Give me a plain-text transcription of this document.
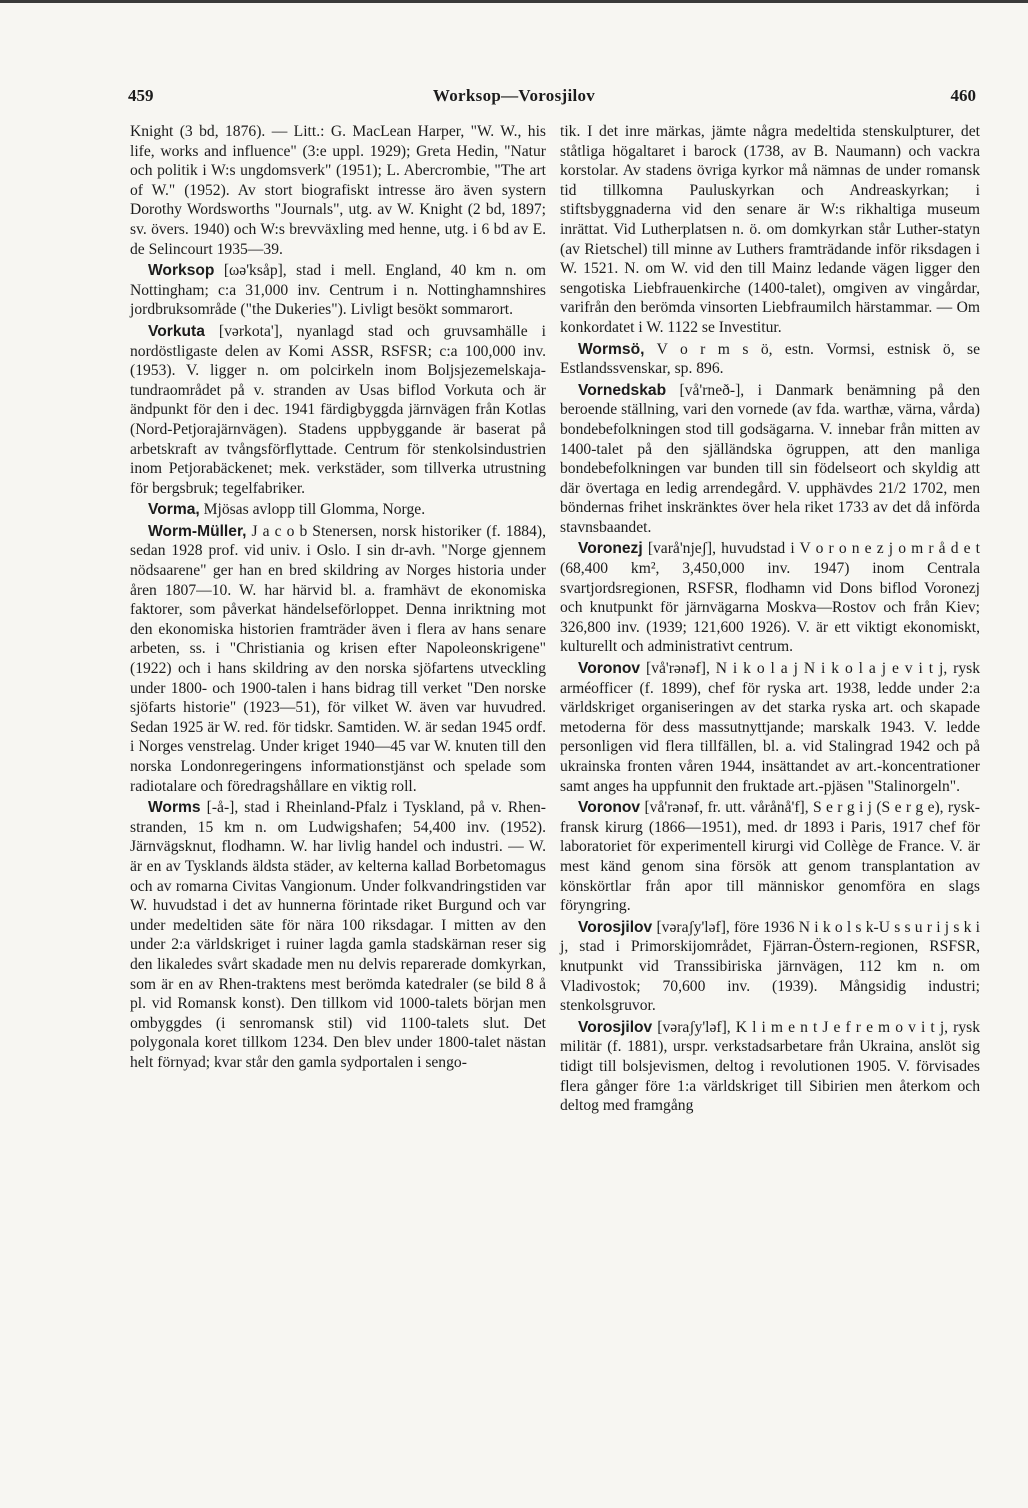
459	Worksop—Vorosjilov	460
Knight (3 bd, 1876). — Litt.: G. MacLean Harper, "W. W., his life, works and influence" (3:e uppl. 1929); Greta Hedin, "Natur och politik i W:s ungdomsverk" (1951); L. Abercrombie, "The art of W." (1952). Av stort biografiskt intresse äro även systern Dorothy Wordsworths "Journals", utg. av W. Knight (2 bd, 1897; sv. övers. 1940) och W:s brevväxling med henne, utg. i 6 bd av E. de Selincourt 1935—39.
Worksop [ωə'ksåp], stad i mell. England, 40 km n. om Nottingham; c:a 31,000 inv. Centrum i n. Nottinghamnshires jordbruksområde ("the Dukeries"). Livligt besökt sommarort.
Vorkuta [vərkota'], nyanlagd stad och gruvsamhälle i nordöstligaste delen av Komi ASSR, RSFSR; c:a 100,000 inv. (1953). V. ligger n. om polcirkeln inom Boljsjezemelskaja-tundraområdet på v. stranden av Usas biflod Vorkuta och är ändpunkt för den i dec. 1941 färdigbyggda järnvägen från Kotlas (Nord-Petjorajärnvägen). Stadens uppbyggande är baserat på arbetskraft av tvångsförflyttade. Centrum för stenkolsindustrien inom Petjorabäckenet; mek. verkstäder, som tillverka utrustning för bergsbruk; tegelfabriker.
Vorma, Mjösas avlopp till Glomma, Norge.
Worm-Müller, J a c o b Stenersen, norsk historiker (f. 1884), sedan 1928 prof. vid univ. i Oslo. I sin dr-avh. "Norge gjennem nödsaarene" ger han en bred skildring av Norges historia under åren 1807—10. W. har härvid bl. a. framhävt de ekonomiska faktorer, som påverkat händelseförloppet. Denna inriktning mot den ekonomiska historien framträder även i flera av hans senare arbeten, ss. i "Christiania og krisen efter Napoleonskrigene" (1922) och i hans skildring av den norska sjöfartens utveckling under 1800- och 1900-talen i hans bidrag till verket "Den norske sjöfarts historie" (1923—51), för vilket W. även var huvudred. Sedan 1925 är W. red. för tidskr. Samtiden. W. är sedan 1945 ordf. i Norges venstrelag. Under kriget 1940—45 var W. knuten till den norska Londonregeringens informationstjänst och spelade som radiotalare och föredragshållare en viktig roll.
Worms [-å-], stad i Rheinland-Pfalz i Tyskland, på v. Rhen-stranden, 15 km n. om Ludwigshafen; 54,400 inv. (1952). Järnvägsknut, flodhamn. W. har livlig handel och industri. — W. är en av Tysklands äldsta städer, av kelterna kallad Borbetomagus och av romarna Civitas Vangionum. Under folkvandringstiden var W. huvudstad i det av hunnerna förintade riket Burgund och var under medeltiden säte för nära 100 riksdagar. I mitten av den under 2:a världskriget i ruiner lagda gamla stadskärnan reser sig den likaledes svårt skadade men nu delvis reparerade domkyrkan, som är en av Rhen-traktens mest berömda katedraler (se bild 8 å pl. vid Romansk konst). Den tillkom vid 1000-talets början men ombyggdes (i senromansk stil) vid 1100-talets slut. Det polygonala koret tillkom 1234. Den blev under 1800-talet nästan helt förnyad; kvar står den gamla sydportalen i sengo-
tik. I det inre märkas, jämte några medeltida stenskulpturer, det ståtliga högaltaret i barock (1738, av B. Naumann) och vackra korstolar. Av stadens övriga kyrkor må nämnas de under romansk tid tillkomna Pauluskyrkan och Andreaskyrkan; i stiftsbyggnaderna vid den senare är W:s rikhaltiga museum inrättat. Vid Lutherplatsen n. ö. om domkyrkan står Luther-statyn (av Rietschel) till minne av Luthers framträdande inför riksdagen i W. 1521. N. om W. vid den till Mainz ledande vägen ligger den sengotiska Liebfrauenkirche (1400-talet), omgiven av vingårdar, varifrån den berömda vinsorten Liebfraumilch härstammar. — Om konkordatet i W. 1122 se Investitur.
Wormsö, V o r m s ö, estn. Vormsi, estnisk ö, se Estlandssvenskar, sp. 896.
Vornedskab [vå'rneð-], i Danmark benämning på den beroende ställning, vari den vornede (av fda. warthæ, värna, vårda) bondebefolkningen stod till godsägarna. V. innebar från mitten av 1400-talet på den själländska ögruppen, att den manliga bondebefolkningen var bunden till sin födelseort och skyldig att där övertaga en ledig arrendegård. V. upphävdes 21/2 1702, men böndernas frihet inskränktes över hela riket 1733 av det då införda stavnsbaandet.
Voronezj [varå'njeʃ], huvudstad i V o r o n e z j o m r å d e t (68,400 km², 3,450,000 inv. 1947) inom Centrala svartjordsregionen, RSFSR, flodhamn vid Dons biflod Voronezj och knutpunkt för järnvägarna Moskva—Rostov och från Kiev; 326,800 inv. (1939; 121,600 1926). V. är ett viktigt ekonomiskt, kulturellt och administrativt centrum.
Voronov [vå'rənəf], N i k o l a j N i k o l a j e v i t j, rysk arméofficer (f. 1899), chef för ryska art. 1938, ledde under 2:a världskriget organiseringen av det starka ryska art. och skapade metoderna för dess massutnyttjande; marskalk 1943. V. ledde personligen vid flera tillfällen, bl. a. vid Stalingrad 1942 och på ukrainska fronten våren 1944, insättandet av art.-koncentrationer samt anges ha uppfunnit den fruktade art.-pjäsen "Stalinorgeln".
Voronov [vå'rənəf, fr. utt. vårånå'f], S e r g i j (S e r g e), rysk-fransk kirurg (1866—1951), med. dr 1893 i Paris, 1917 chef för laboratoriet för experimentell kirurgi vid Collège de France. V. är mest känd genom sina försök att genom transplantation av könskörtlar från apor till människor genomföra en slags föryngring.
Vorosjilov [vəraʃy'ləf], före 1936 N i k o l s k-U s s u r i j s k i j, stad i Primorskijområdet, Fjärran-Östern-regionen, RSFSR, knutpunkt vid Transsibiriska järnvägen, 112 km n. om Vladivostok; 70,600 inv. (1939). Mångsidig industri; stenkolsgruvor.
Vorosjilov [vəraʃy'ləf], K l i m e n t J e f r e m o v i t j, rysk militär (f. 1881), urspr. verkstadsarbetare från Ukraina, anslöt sig tidigt till bolsjevismen, deltog i revolutionen 1905. V. förvisades flera gånger före 1:a världskriget till Sibirien men återkom och deltog med framgång
